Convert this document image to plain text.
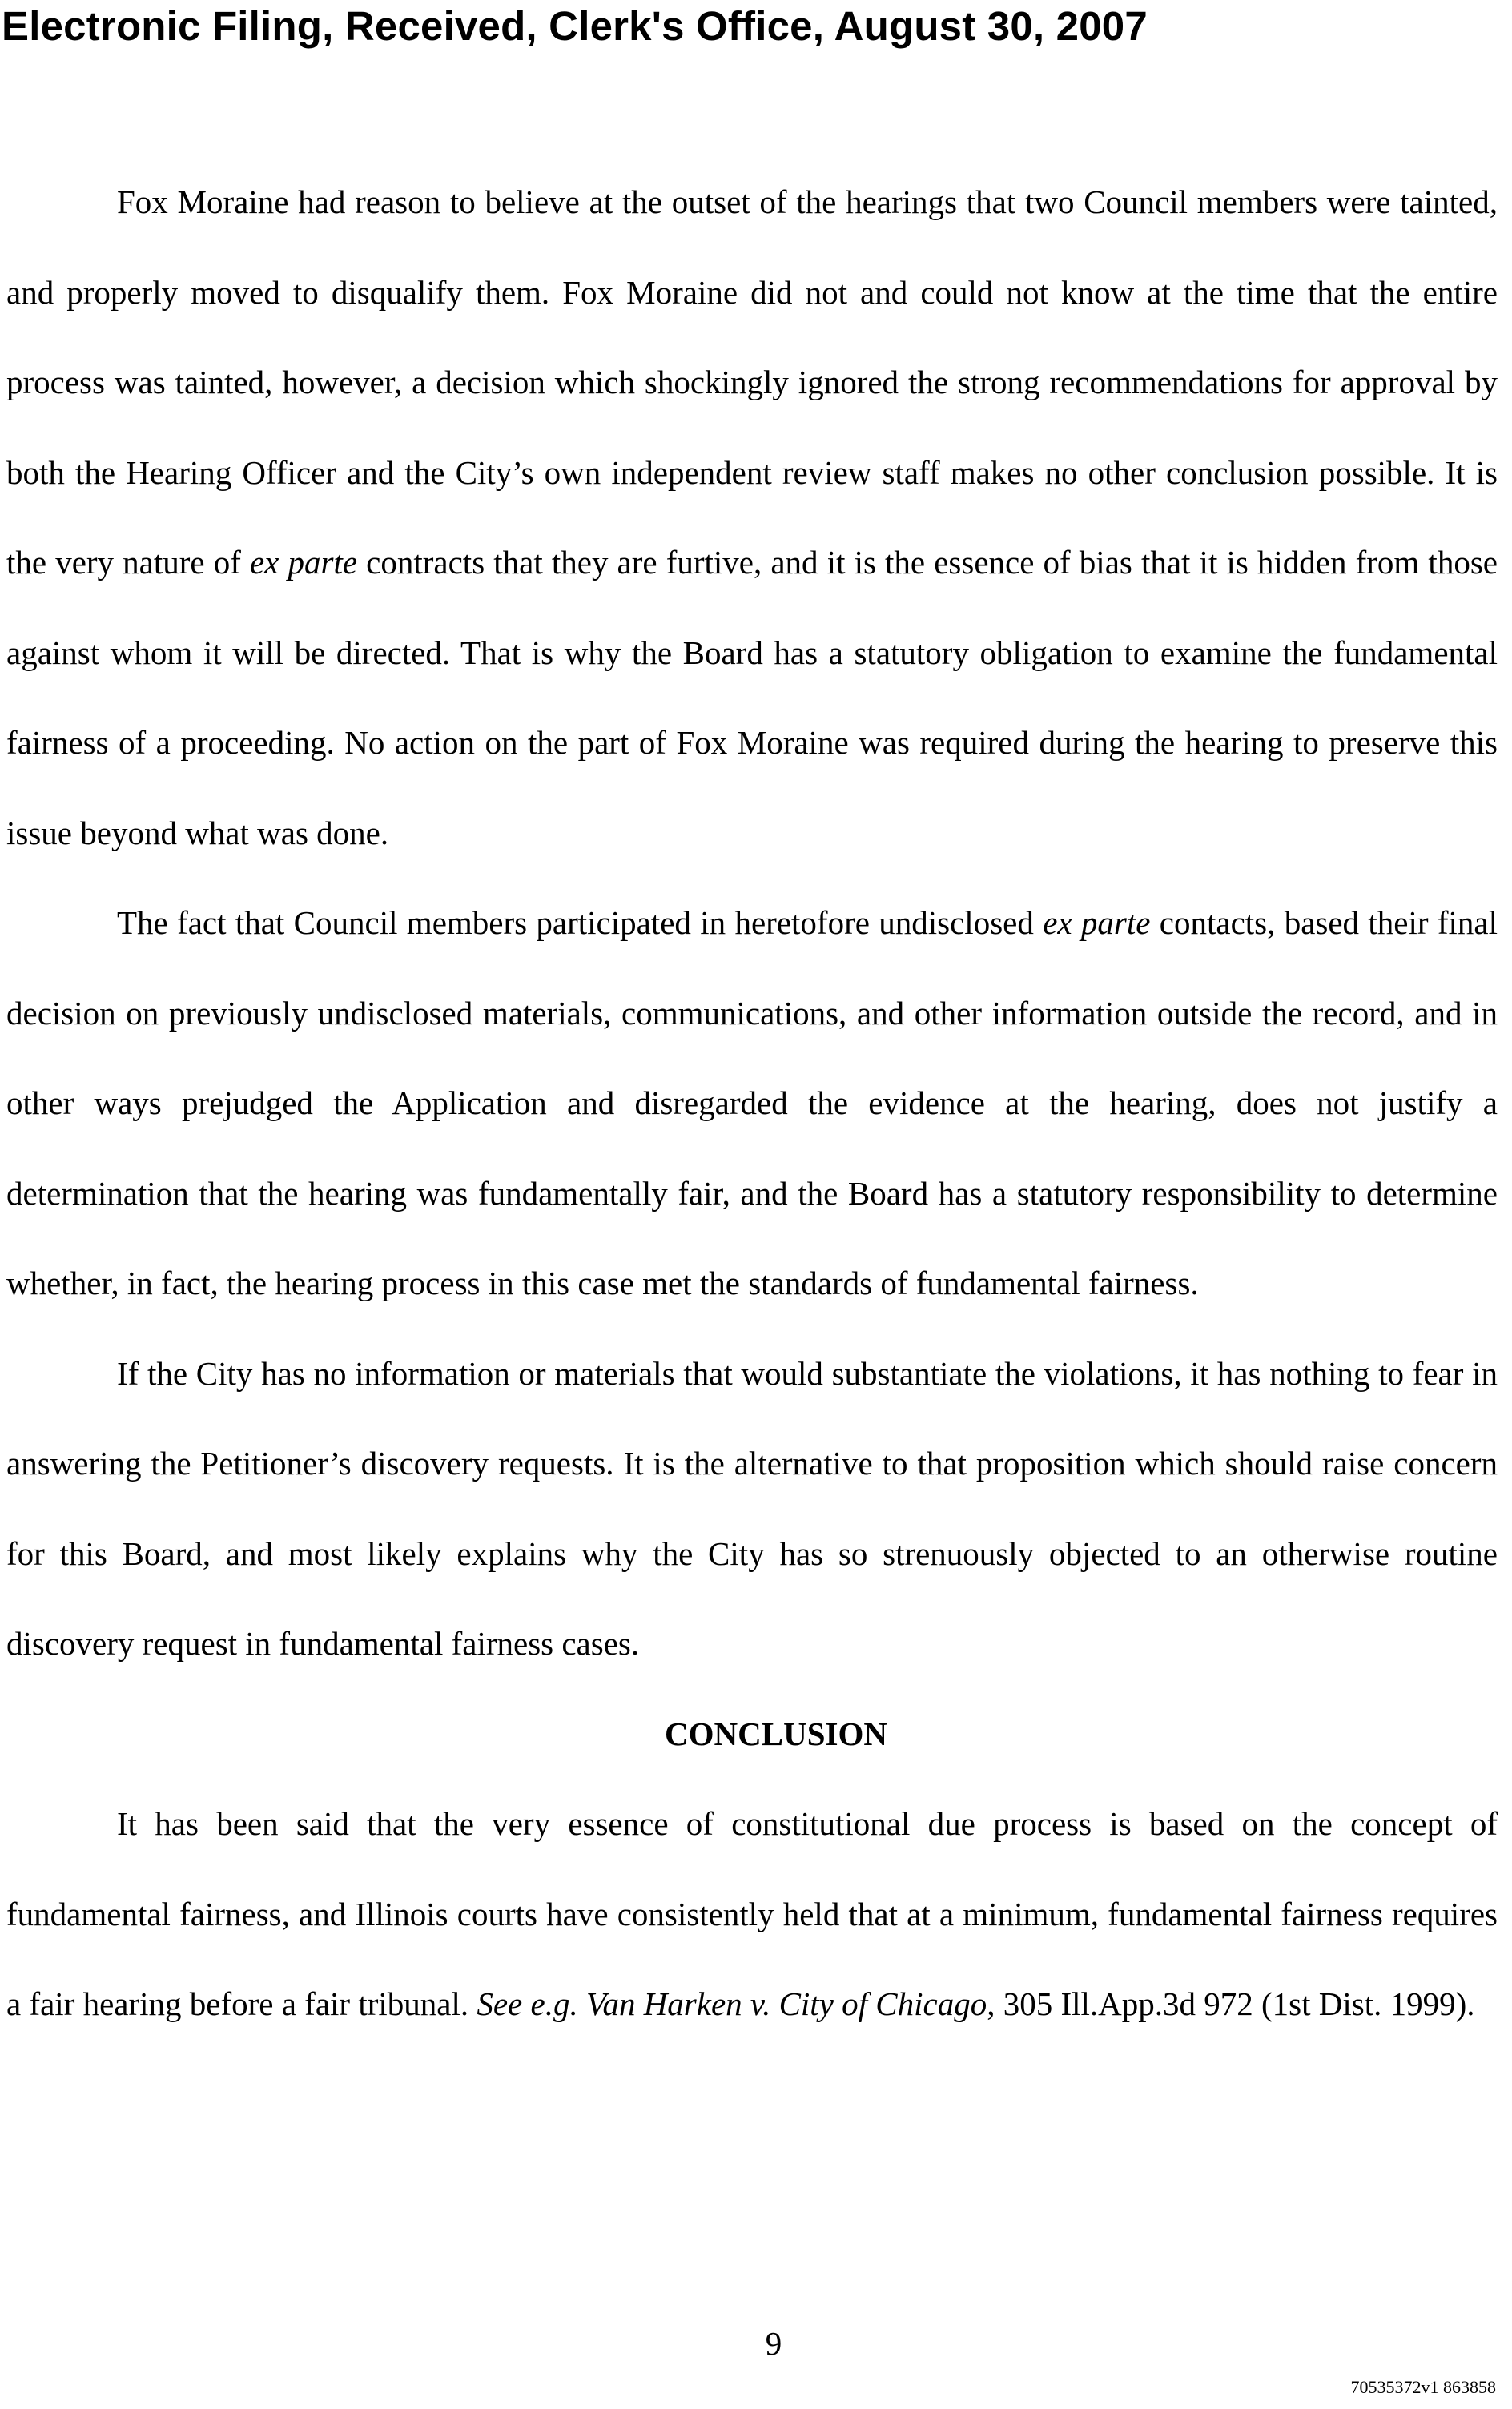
Electronic Filing, Received, Clerk's Office, August 30, 2007

Fox Moraine had reason to believe at the outset of the hearings that two Council members were tainted, and properly moved to disqualify them. Fox Moraine did not and could not know at the time that the entire process was tainted, however, a decision which shockingly ignored the strong recommendations for approval by both the Hearing Officer and the City’s own independent review staff makes no other conclusion possible. It is the very nature of ex parte contracts that they are furtive, and it is the essence of bias that it is hidden from those against whom it will be directed. That is why the Board has a statutory obligation to examine the fundamental fairness of a proceeding. No action on the part of Fox Moraine was required during the hearing to preserve this issue beyond what was done.

The fact that Council members participated in heretofore undisclosed ex parte contacts, based their final decision on previously undisclosed materials, communications, and other information outside the record, and in other ways prejudged the Application and disregarded the evidence at the hearing, does not justify a determination that the hearing was fundamentally fair, and the Board has a statutory responsibility to determine whether, in fact, the hearing process in this case met the standards of fundamental fairness.

If the City has no information or materials that would substantiate the violations, it has nothing to fear in answering the Petitioner’s discovery requests. It is the alternative to that proposition which should raise concern for this Board, and most likely explains why the City has so strenuously objected to an otherwise routine discovery request in fundamental fairness cases.

CONCLUSION

It has been said that the very essence of constitutional due process is based on the concept of fundamental fairness, and Illinois courts have consistently held that at a minimum, fundamental fairness requires a fair hearing before a fair tribunal. See e.g. Van Harken v. City of Chicago, 305 Ill.App.3d 972 (1st Dist. 1999).

9
70535372v1 863858
